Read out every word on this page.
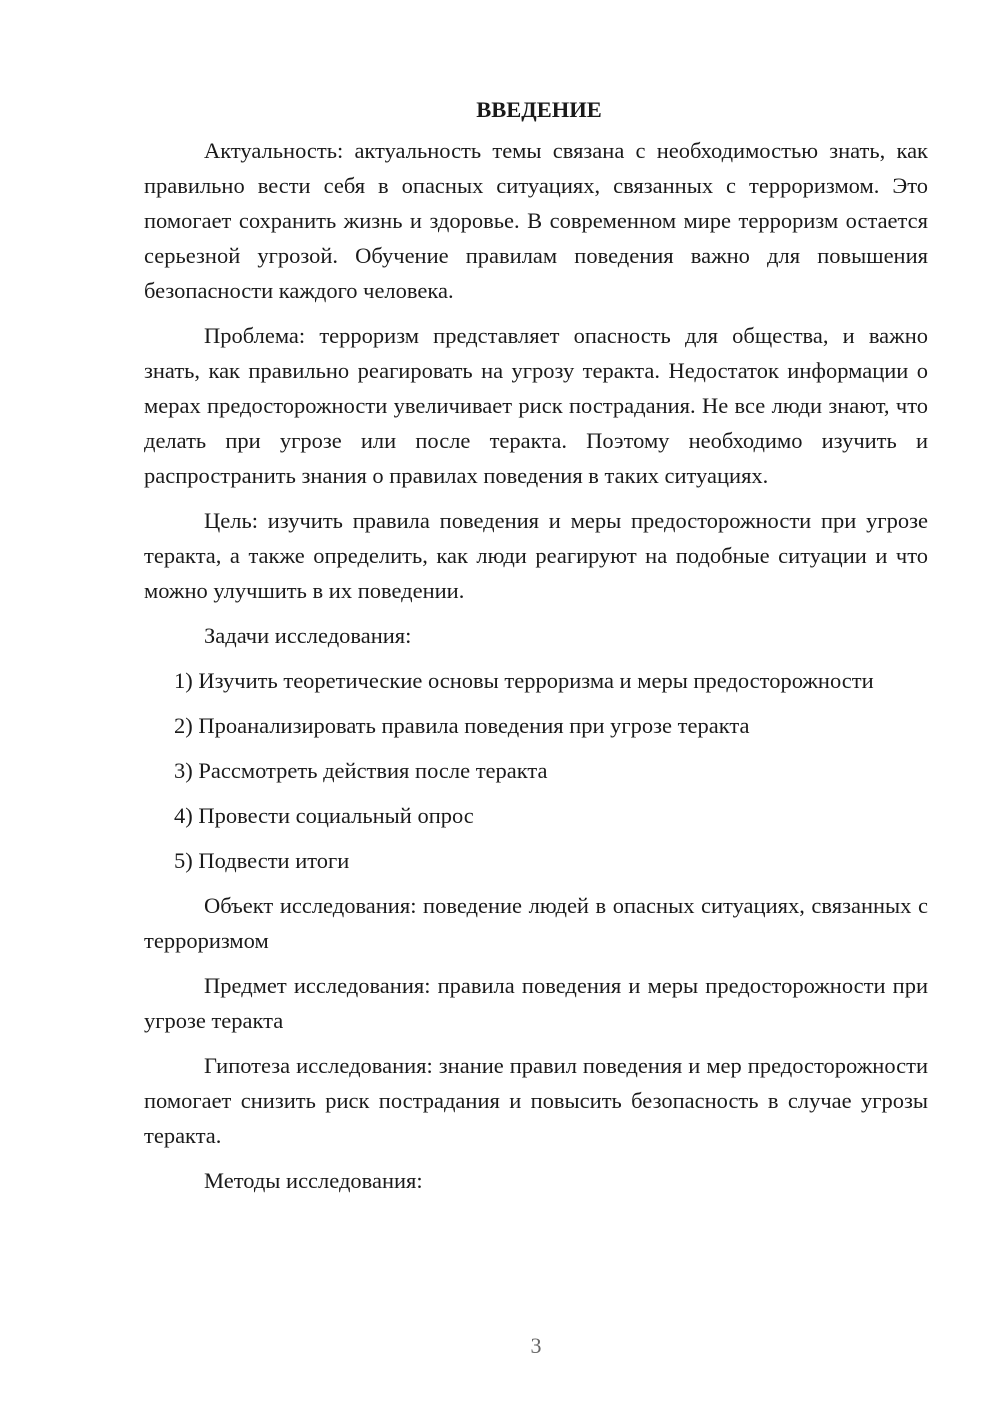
ВВЕДЕНИЕ

Актуальность: актуальность темы связана с необходимостью знать, как правильно вести себя в опасных ситуациях, связанных с терроризмом. Это помогает сохранить жизнь и здоровье. В современном мире терроризм остается серьезной угрозой. Обучение правилам поведения важно для повышения безопасности каждого человека.

Проблема: терроризм представляет опасность для общества, и важно знать, как правильно реагировать на угрозу теракта. Недостаток информации о мерах предосторожности увеличивает риск пострадания. Не все люди знают, что делать при угрозе или после теракта. Поэтому необходимо изучить и распространить знания о правилах поведения в таких ситуациях.

Цель: изучить правила поведения и меры предосторожности при угрозе теракта, а также определить, как люди реагируют на подобные ситуации и что можно улучшить в их поведении.

Задачи исследования:

1) Изучить теоретические основы терроризма и меры предосторожности

2) Проанализировать правила поведения при угрозе теракта

3) Рассмотреть действия после теракта

4) Провести социальный опрос

5) Подвести итоги

Объект исследования: поведение людей в опасных ситуациях, связанных с терроризмом

Предмет исследования: правила поведения и меры предосторожности при угрозе теракта

Гипотеза исследования: знание правил поведения и мер предосторожности помогает снизить риск пострадания и повысить безопасность в случае угрозы теракта.

Методы исследования:

3
